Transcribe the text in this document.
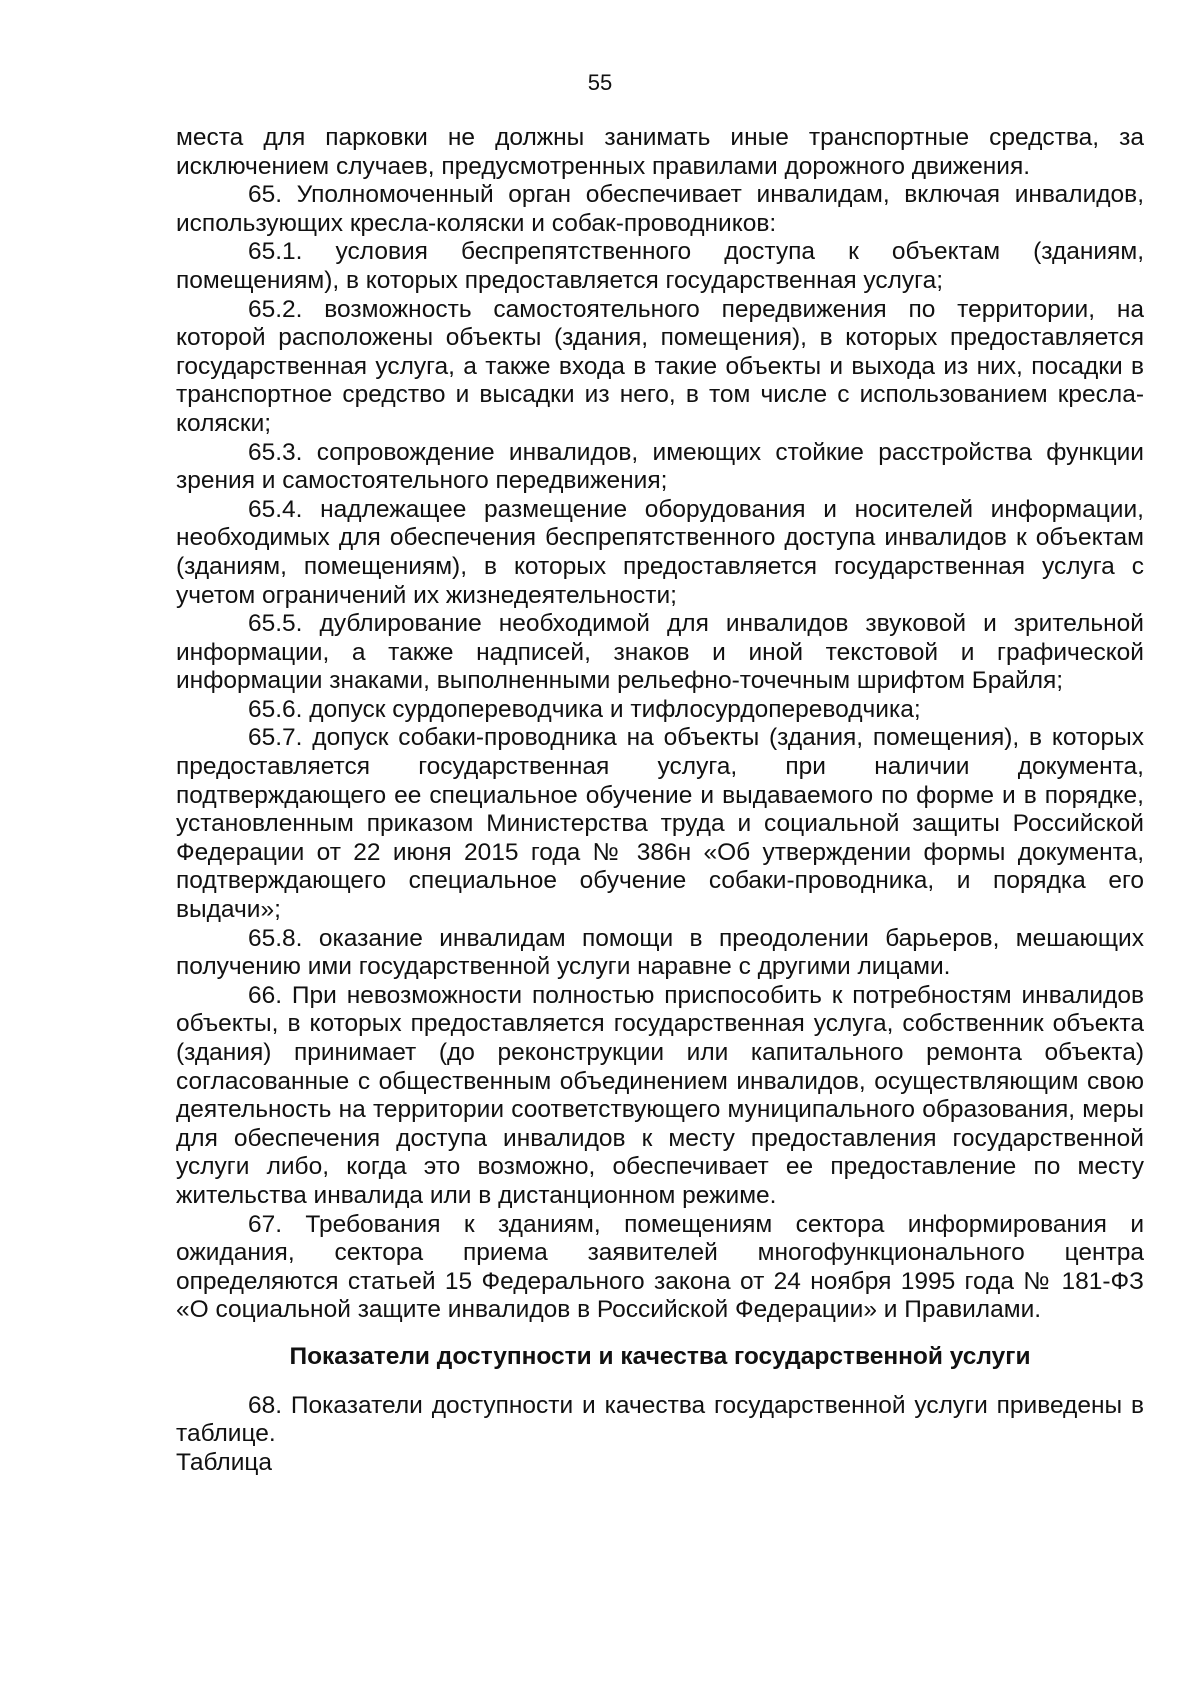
55

места для парковки не должны занимать иные транспортные средства, за исключением случаев, предусмотренных правилами дорожного движения.

65. Уполномоченный орган обеспечивает инвалидам, включая инвалидов, использующих кресла-коляски и собак-проводников:

65.1. условия беспрепятственного доступа к объектам (зданиям, помещениям), в которых предоставляется государственная услуга;

65.2. возможность самостоятельного передвижения по территории, на которой расположены объекты (здания, помещения), в которых предоставляется государственная услуга, а также входа в такие объекты и выхода из них, посадки в транспортное средство и высадки из него, в том числе с использованием кресла-коляски;

65.3. сопровождение инвалидов, имеющих стойкие расстройства функции зрения и самостоятельного передвижения;

65.4. надлежащее размещение оборудования и носителей информации, необходимых для обеспечения беспрепятственного доступа инвалидов к объектам (зданиям, помещениям), в которых предоставляется государственная услуга с учетом ограничений их жизнедеятельности;

65.5. дублирование необходимой для инвалидов звуковой и зрительной информации, а также надписей, знаков и иной текстовой и графической информации знаками, выполненными рельефно-точечным шрифтом Брайля;

65.6. допуск сурдопереводчика и тифлосурдопереводчика;

65.7. допуск собаки-проводника на объекты (здания, помещения), в которых предоставляется государственная услуга, при наличии документа, подтверждающего ее специальное обучение и выдаваемого по форме и в порядке, установленным приказом Министерства труда и социальной защиты Российской Федерации от 22 июня 2015 года № 386н «Об утверждении формы документа, подтверждающего специальное обучение собаки-проводника, и порядка его выдачи»;

65.8. оказание инвалидам помощи в преодолении барьеров, мешающих получению ими государственной услуги наравне с другими лицами.

66. При невозможности полностью приспособить к потребностям инвалидов объекты, в которых предоставляется государственная услуга, собственник объекта (здания) принимает (до реконструкции или капитального ремонта объекта) согласованные с общественным объединением инвалидов, осуществляющим свою деятельность на территории соответствующего муниципального образования, меры для обеспечения доступа инвалидов к месту предоставления государственной услуги либо, когда это возможно, обеспечивает ее предоставление по месту жительства инвалида или в дистанционном режиме.

67. Требования к зданиям, помещениям сектора информирования и ожидания, сектора приема заявителей многофункционального центра определяются статьей 15 Федерального закона от 24 ноября 1995 года № 181-ФЗ «О социальной защите инвалидов в Российской Федерации» и Правилами.

Показатели доступности и качества государственной услуги

68. Показатели доступности и качества государственной услуги приведены в таблице.

Таблица
